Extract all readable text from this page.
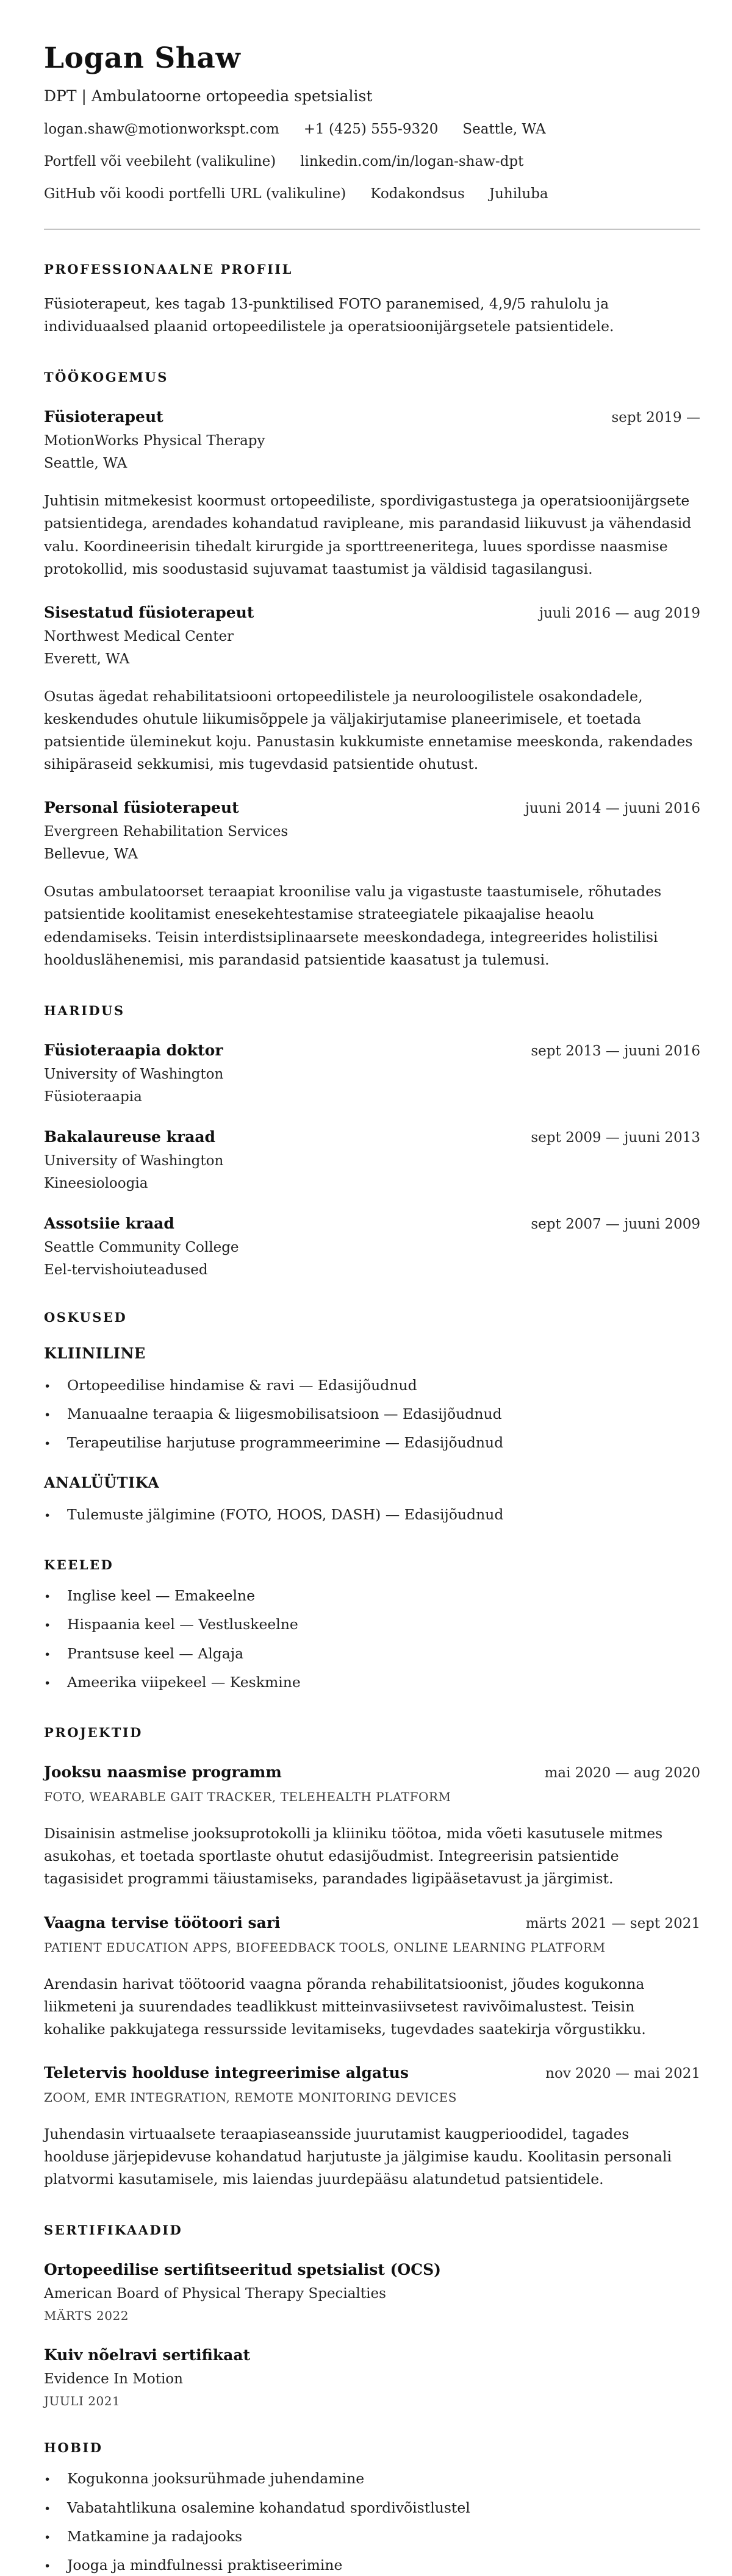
Logan Shaw
DPT | Ambulatoorne ortopeedia spetsialist
logan.shaw@motionworkspt.com +1 (425) 555-9320 Seattle, WA
Portfell või veebileht (valikuline) linkedin.com/in/logan-shaw-dpt
GitHub või koodi portfelli URL (valikuline) Kodakondsus Juhiluba
PROFESSIONAALNE PROFIIL

Füsioterapeut, kes tagab 13-punktilised FOTO paranemised, 4,9/5 rahulolu ja individuaalsed plaanid ortopeedilistele ja operatsioonijärgsetele patsientidele.

TÖÖKOGEMUS
Füsioterapeut	sept 2019 —
MotionWorks Physical Therapy
Seattle, WA

Juhtisin mitmekesist koormust ortopeediliste, spordivigastustega ja operatsioonijärgsete patsientidega, arendades kohandatud ravipleane, mis parandasid liikuvust ja vähendasid valu. Koordineerisin tihedalt kirurgide ja sporttreeneritega, luues spordisse naasmise protokollid, mis soodustasid sujuvamat taastumist ja väldisid tagasilangusi.

Sisestatud füsioterapeut	juuli 2016 — aug 2019
Northwest Medical Center
Everett, WA

Osutas ägedat rehabilitatsiooni ortopeedilistele ja neuroloogilistele osakondadele, keskendudes ohutule liikumisõppele ja väljakirjutamise planeerimisele, et toetada patsientide üleminekut koju. Panustasin kukkumiste ennetamise meeskonda, rakendades sihipäraseid sekkumisi, mis tugevdasid patsientide ohutust.

Personal füsioterapeut	juuni 2014 — juuni 2016
Evergreen Rehabilitation Services
Bellevue, WA

Osutas ambulatoorset teraapiat kroonilise valu ja vigastuste taastumisele, rõhutades patsientide koolitamist enesekehtestamise strateegiatele pikaajalise heaolu edendamiseks. Teisin interdistsiplinaarsete meeskondadega, integreerides holistilisi hoolduslähenemisi, mis parandasid patsientide kaasatust ja tulemusi.

HARIDUS
Füsioteraapia doktor	sept 2013 — juuni 2016
University of Washington
Füsioteraapia
Bakalaureuse kraad	sept 2009 — juuni 2013
University of Washington
Kineesioloogia
Assotsiie kraad	sept 2007 — juuni 2009
Seattle Community College
Eel-tervishoiuteadused
OSKUSED
KLIINILINE
•	Ortopeedilise hindamise & ravi — Edasijõudnud
•	Manuaalne teraapia & liigesmobilisatsioon — Edasijõudnud
•	Terapeutilise harjutuse programmeerimine — Edasijõudnud
ANALÜÜTIKA
•	Tulemuste jälgimine (FOTO, HOOS, DASH) — Edasijõudnud
KEELED
•	Inglise keel — Emakeelne
•	Hispaania keel — Vestluskeelne
•	Prantsuse keel — Algaja
•	Ameerika viipekeel — Keskmine
PROJEKTID
Jooksu naasmise programm	mai 2020 — aug 2020
FOTO, WEARABLE GAIT TRACKER, TELEHEALTH PLATFORM

Disainisin astmelise jooksuprotokolli ja kliiniku töötoa, mida võeti kasutusele mitmes asukohas, et toetada sportlaste ohutut edasijõudmist. Integreerisin patsientide tagasisidet programmi täiustamiseks, parandades ligipääsetavust ja järgimist.

Vaagna tervise töötoori sari	märts 2021 — sept 2021
PATIENT EDUCATION APPS, BIOFEEDBACK TOOLS, ONLINE LEARNING PLATFORM

Arendasin harivat töötoorid vaagna põranda rehabilitatsioonist, jõudes kogukonna liikmeteni ja suurendades teadlikkust mitteinvasiivsetest ravivõimalustest. Teisin kohalike pakkujatega ressursside levitamiseks, tugevdades saatekirja võrgustikku.

Teletervis hoolduse integreerimise algatus	nov 2020 — mai 2021
ZOOM, EMR INTEGRATION, REMOTE MONITORING DEVICES

Juhendasin virtuaalsete teraapiaseansside juurutamist kaugperioodidel, tagades hoolduse järjepidevuse kohandatud harjutuste ja jälgimise kaudu. Koolitasin personali platvormi kasutamisele, mis laiendas juurdepääsu alatundetud patsientidele.

SERTIFIKAADID
Ortopeedilise sertifitseeritud spetsialist (OCS)
American Board of Physical Therapy Specialties
MÄRTS 2022
Kuiv nõelravi sertifikaat
Evidence In Motion
JUULI 2021
HOBID
•	Kogukonna jooksurühmade juhendamine
•	Vabatahtlikuna osalemine kohandatud spordivõistlustel
•	Matkamine ja radajooks
•	Jooga ja mindfulnessi praktiseerimine
